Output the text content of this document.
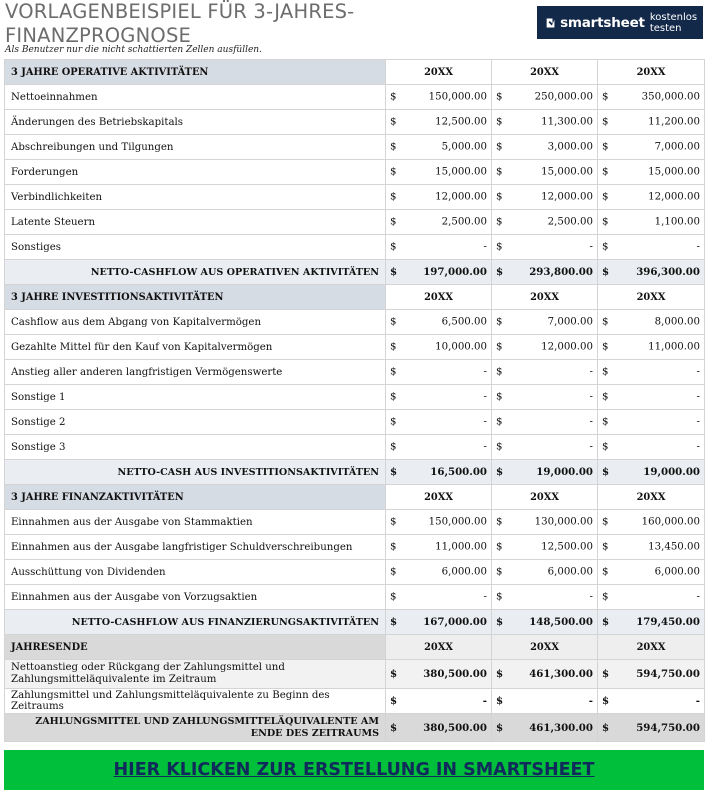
VORLAGENBEISPIEL FÜR 3-JAHRES-FINANZPROGNOSE
Als Benutzer nur die nicht schattierten Zellen ausfüllen.
smartsheet kostenlos testen
3 JAHRE OPERATIVE AKTIVITÄTEN	20XX	20XX	20XX
Nettoeinnahmen	$ 150,000.00	$ 250,000.00	$ 350,000.00

Änderungen des Betriebskapitals	$ 12,500.00	$ 11,300.00	$ 11,200.00

Abschreibungen und Tilgungen	$ 5,000.00	$ 3,000.00	$ 7,000.00

Forderungen	$ 15,000.00	$ 15,000.00	$ 15,000.00

Verbindlichkeiten	$ 12,000.00	$ 12,000.00	$ 12,000.00

Latente Steuern	$ 2,500.00	$ 2,500.00	$ 1,100.00

Sonstiges	$ -	$ -	$ -

NETTO-CASHFLOW AUS OPERATIVEN AKTIVITÄTEN	$ 197,000.00	$ 293,800.00	$ 396,300.00

3 JAHRE INVESTITIONSAKTIVITÄTEN	20XX	20XX	20XX
Cashflow aus dem Abgang von Kapitalvermögen	$ 6,500.00	$ 7,000.00	$ 8,000.00

Gezahlte Mittel für den Kauf von Kapitalvermögen	$ 10,000.00	$ 12,000.00	$ 11,000.00

Anstieg aller anderen langfristigen Vermögenswerte	$ -	$ -	$ -

Sonstige 1	$ -	$ -	$ -

Sonstige 2	$ -	$ -	$ -

Sonstige 3	$ -	$ -	$ -

NETTO-CASH AUS INVESTITIONSAKTIVITÄTEN	$ 16,500.00	$ 19,000.00	$ 19,000.00

3 JAHRE FINANZAKTIVITÄTEN	20XX	20XX	20XX
Einnahmen aus der Ausgabe von Stammaktien	$ 150,000.00	$ 130,000.00	$ 160,000.00

Einnahmen aus der Ausgabe langfristiger Schuldverschreibungen	$ 11,000.00	$ 12,500.00	$ 13,450.00

Ausschüttung von Dividenden	$ 6,000.00	$ 6,000.00	$ 6,000.00

Einnahmen aus der Ausgabe von Vorzugsaktien	$ -	$ -	$ -

NETTO-CASHFLOW AUS FINANZIERUNGSAKTIVITÄTEN	$ 167,000.00	$ 148,500.00	$ 179,450.00

JAHRESENDE	20XX	20XX	20XX
Nettoanstieg oder Rückgang der Zahlungsmittel und Zahlungsmitteläquivalente im Zeitraum	$ 380,500.00	$ 461,300.00	$ 594,750.00

Zahlungsmittel und Zahlungsmitteläquivalente zu Beginn des Zeitraums	$ -	$ -	$ -

ZAHLUNGSMITTEL UND ZAHLUNGSMITTELÄQUIVALENTE AM ENDE DES ZEITRAUMS	$ 380,500.00	$ 461,300.00	$ 594,750.00
HIER KLICKEN ZUR ERSTELLUNG IN SMARTSHEET
